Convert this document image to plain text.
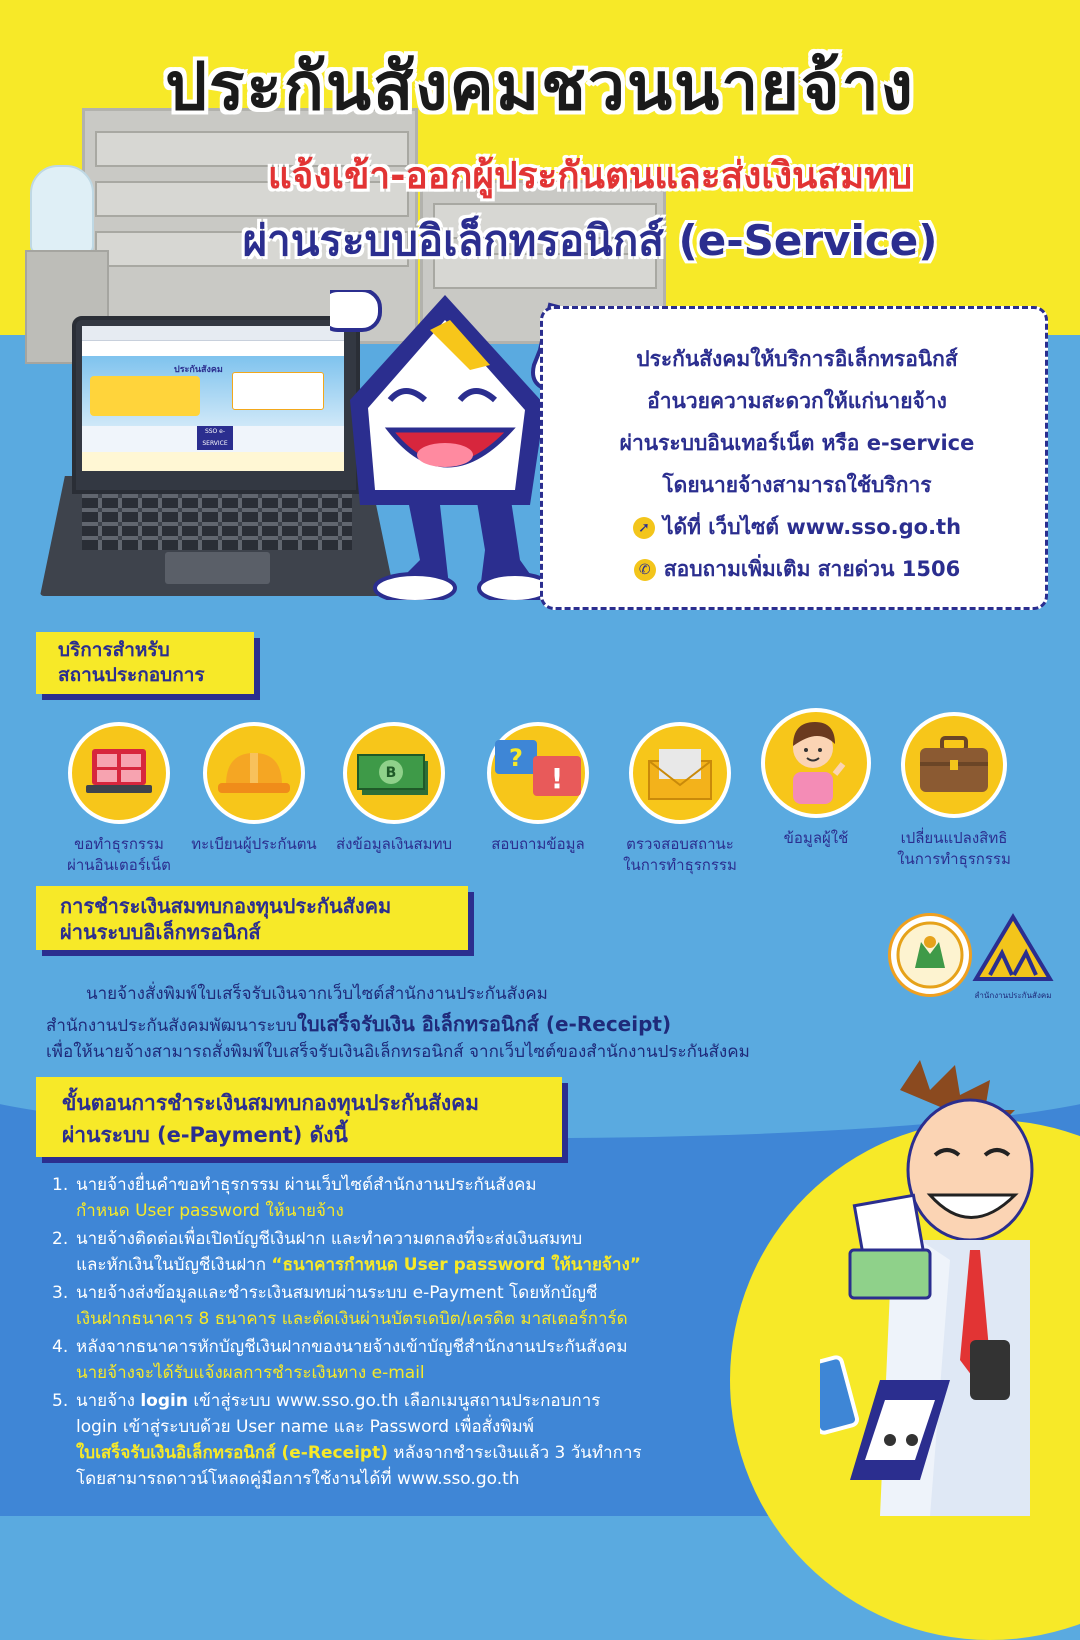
ประกันสังคมชวนนายจ้าง
แจ้งเข้า-ออกผู้ประกันตนและส่งเงินสมทบ
ผ่านระบบอิเล็กทรอนิกส์ (e-Service)
ประกันสังคม
SSO e-SERVICE
ประกันสังคมให้บริการอิเล็กทรอนิกส์
อำนวยความสะดวกให้แก่นายจ้าง
ผ่านระบบอินเทอร์เน็ต หรือ e-service
โดยนายจ้างสามารถใช้บริการ
➚ ได้ที่ เว็บไซต์ www.sso.go.th
✆ สอบถามเพิ่มเติม สายด่วน 1506
บริการสำหรับ
สถานประกอบการ
ขอทำธุรกรรม
ผ่านอินเตอร์เน็ต
ทะเบียนผู้ประกันตน
B
ส่งข้อมูลเงินสมทบ
?
!
สอบถามข้อมูล	ตรวจสอบสถานะ
ในการทำธุรกรรม
ข้อมูลผู้ใช้	เปลี่ยนแปลงสิทธิ
ในการทำธุรกรรม
การชำระเงินสมทบกองทุนประกันสังคม
ผ่านระบบอิเล็กทรอนิกส์
สำนักงานประกันสังคม
นายจ้างสั่งพิมพ์ใบเสร็จรับเงินจากเว็บไซต์สำนักงานประกันสังคม
สำนักงานประกันสังคมพัฒนาระบบใบเสร็จรับเงิน อิเล็กทรอนิกส์ (e-Receipt)
เพื่อให้นายจ้างสามารถสั่งพิมพ์ใบเสร็จรับเงินอิเล็กทรอนิกส์ จากเว็บไซต์ของสำนักงานประกันสังคม
ขั้นตอนการชำระเงินสมทบกองทุนประกันสังคม
ผ่านระบบ (e-Payment) ดังนี้
1. นายจ้างยื่นคำขอทำธุรกรรม ผ่านเว็บไซต์สำนักงานประกันสังคม
กำหนด User password ให้นายจ้าง
2. นายจ้างติดต่อเพื่อเปิดบัญชีเงินฝาก และทำความตกลงที่จะส่งเงินสมทบ
และหักเงินในบัญชีเงินฝาก “ธนาคารกำหนด User password ให้นายจ้าง”
3. นายจ้างส่งข้อมูลและชำระเงินสมทบผ่านระบบ e-Payment โดยหักบัญชี
เงินฝากธนาคาร 8 ธนาคาร และตัดเงินผ่านบัตรเดบิต/เครดิต มาสเตอร์การ์ด
4. หลังจากธนาคารหักบัญชีเงินฝากของนายจ้างเข้าบัญชีสำนักงานประกันสังคม
นายจ้างจะได้รับแจ้งผลการชำระเงินทาง e-mail
5. นายจ้าง login เข้าสู่ระบบ www.sso.go.th เลือกเมนูสถานประกอบการ
login เข้าสู่ระบบด้วย User name และ Password เพื่อสั่งพิมพ์
ใบเสร็จรับเงินอิเล็กทรอนิกส์ (e-Receipt) หลังจากชำระเงินแล้ว 3 วันทำการ
โดยสามารถดาวน์โหลดคู่มือการใช้งานได้ที่ www.sso.go.th
